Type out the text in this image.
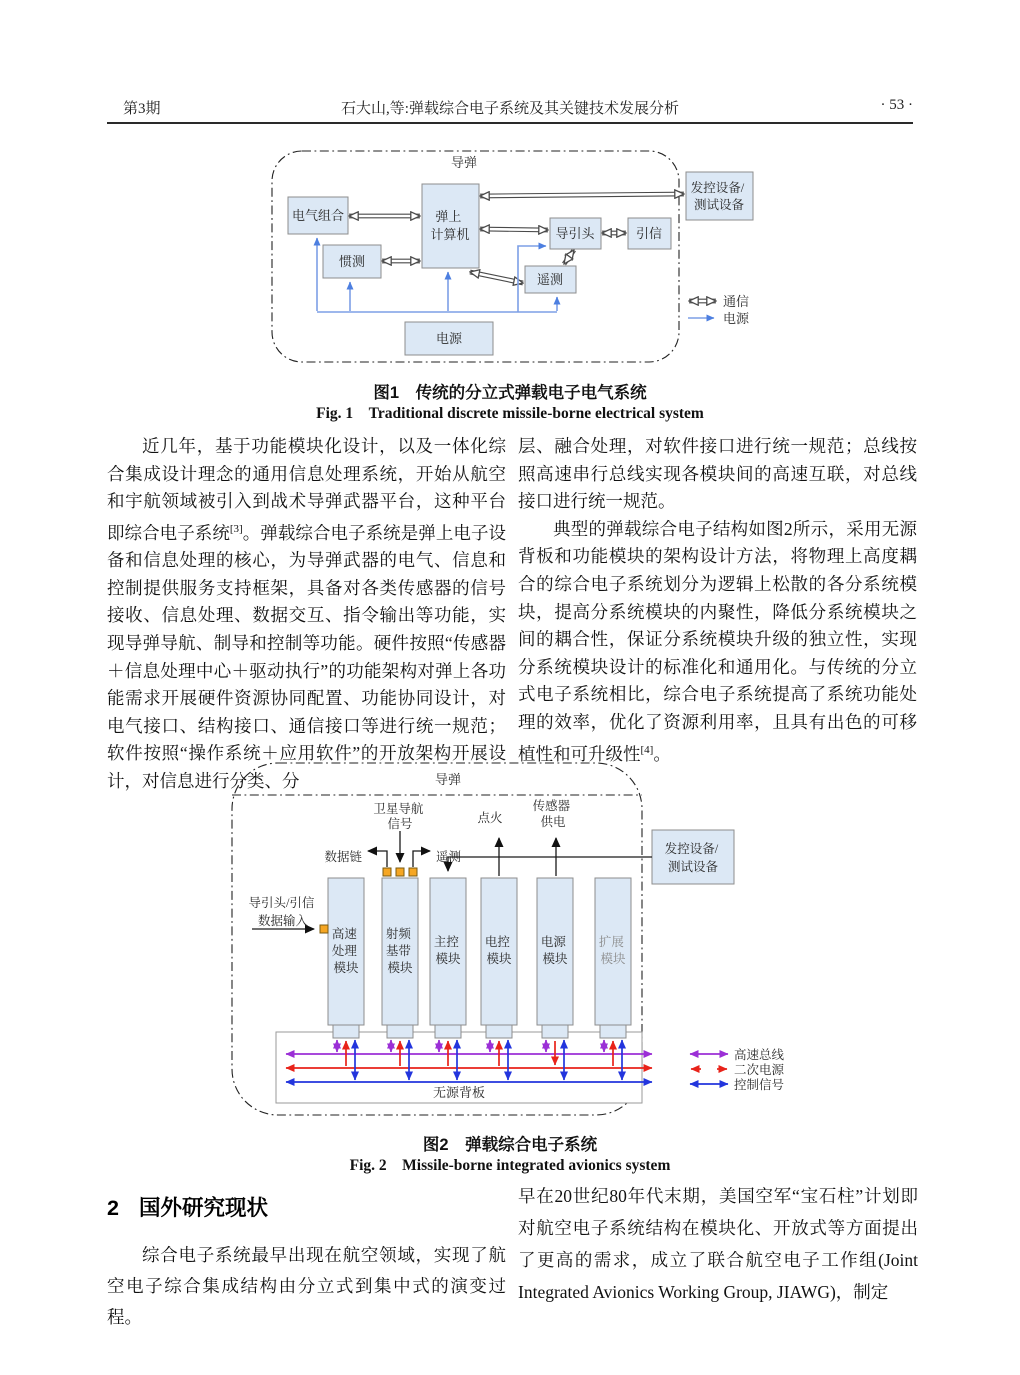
第3期	石大山,等:弹载综合电子系统及其关键技术发展分析	· 53 ·
导弹
电气组合	弹上 计算机
惯测
导引头	引信
遥测
电源
发控设备/ 测试设备
通信
电源
导弹
无源背板
高速 处理 模块
射频 基带 模块
主控 模块
电控 模块
电源 模块
扩展 模块
卫星导航 信号
数据链	遥测
点火
传感器 供电
导引头/引信 数据输入
发控设备/ 测试设备
高速总线
二次电源
控制信号
图1　传统的分立式弹载电子电气系统
Fig. 1　Traditional discrete missile-borne electrical system

近几年，基于功能模块化设计，以及一体化综合集成设计理念的通用信息处理系统，开始从航空和宇航领域被引入到战术导弹武器平台，这种平台即综合电子系统[3]。弹载综合电子系统是弹上电子设备和信息处理的核心，为导弹武器的电气、信息和控制提供服务支持框架，具备对各类传感器的信号接收、信息处理、数据交互、指令输出等功能，实现导弹导航、制导和控制等功能。硬件按照“传感器＋信息处理中心＋驱动执行”的功能架构对弹上各功能需求开展硬件资源协同配置、功能协同设计，对电气接口、结构接口、通信接口等进行统一规范；软件按照“操作系统＋应用软件”的开放架构开展设计，对信息进行分类、分

层、融合处理，对软件接口进行统一规范；总线按照高速串行总线实现各模块间的高速互联，对总线接口进行统一规范。

典型的弹载综合电子结构如图2所示，采用无源背板和功能模块的架构设计方法，将物理上高度耦合的综合电子系统划分为逻辑上松散的各分系统模块，提高分系统模块的内聚性，降低分系统模块之间的耦合性，保证分系统模块升级的独立性，实现分系统模块设计的标准化和通用化。与传统的分立式电子系统相比，综合电子系统提高了系统功能处理的效率，优化了资源利用率，且具有出色的可移植性和可升级性[4]。

图2　弹载综合电子系统
Fig. 2　Missile-borne integrated avionics system
2 国外研究现状

综合电子系统最早出现在航空领域，实现了航空电子综合集成结构由分立式到集中式的演变过程。

早在20世纪80年代末期，美国空军“宝石柱”计划即对航空电子系统结构在模块化、开放式等方面提出了更高的需求，成立了联合航空电子工作组(Joint Integrated Avionics Working Group, JIAWG)，制定
